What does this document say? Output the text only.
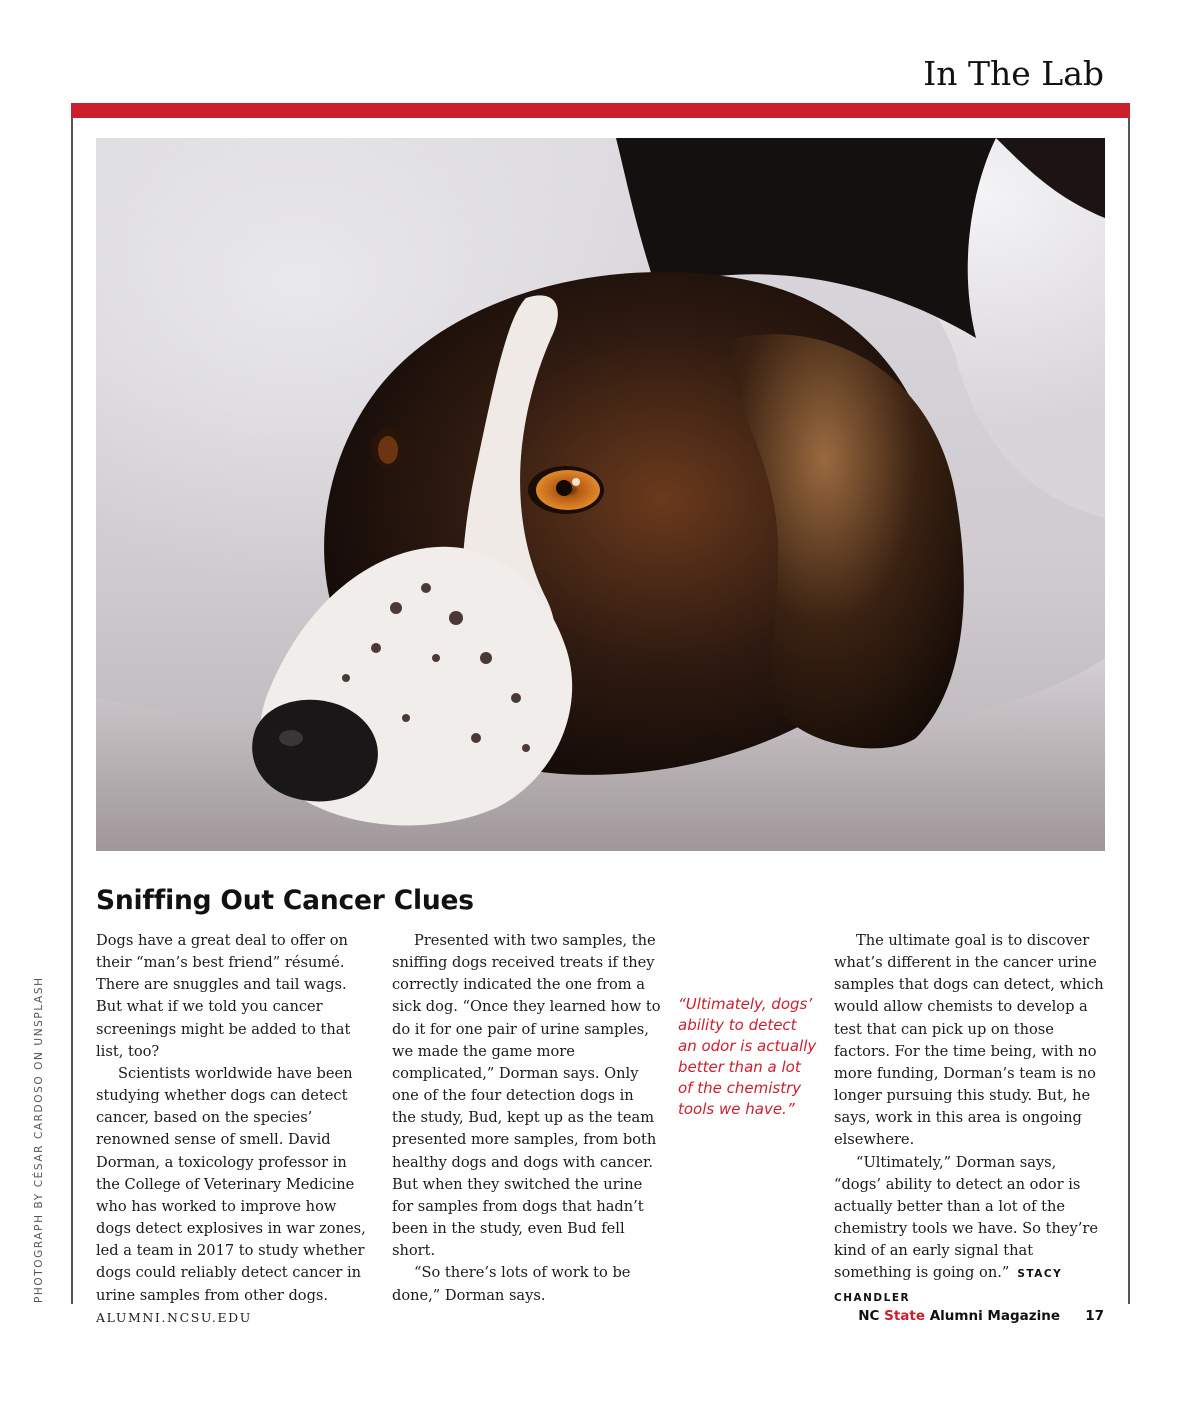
In The Lab
PHOTOGRAPH BY CÉSAR CARDOSO ON UNSPLASH
Sniffing Out Cancer Clues

Dogs have a great deal to offer on their “man’s best friend” résumé. There are snuggles and tail wags. But what if we told you cancer screenings might be added to that list, too?

Scientists worldwide have been studying whether dogs can detect cancer, based on the species’ renowned sense of smell. David Dorman, a toxicology professor in the College of Veterinary Medicine who has worked to improve how dogs detect explosives in war zones, led a team in 2017 to study whether dogs could reliably detect cancer in urine samples from other dogs.

Presented with two samples, the sniffing dogs received treats if they correctly indicated the one from a sick dog. “Once they learned how to do it for one pair of urine samples, we made the game more complicated,” Dorman says. Only one of the four detection dogs in the study, Bud, kept up as the team presented more samples, from both healthy dogs and dogs with cancer. But when they switched the urine for samples from dogs that hadn’t been in the study, even Bud fell short.

“So there’s lots of work to be done,” Dorman says.

“Ultimately, dogs’ ability to detect an odor is actually better than a lot of the chemistry tools we have.”

The ultimate goal is to discover what’s different in the cancer urine samples that dogs can detect, which would allow chemists to develop a test that can pick up on those factors. For the time being, with no more funding, Dorman’s team is no longer pursuing this study. But, he says, work in this area is ongoing elsewhere.

“Ultimately,” Dorman says, “dogs’ ability to detect an odor is actually better than a lot of the chemistry tools we have. So they’re kind of an early signal that something is going on.” STACY CHANDLER

ALUMNI.NCSU.EDU	NC State Alumni Magazine 17
